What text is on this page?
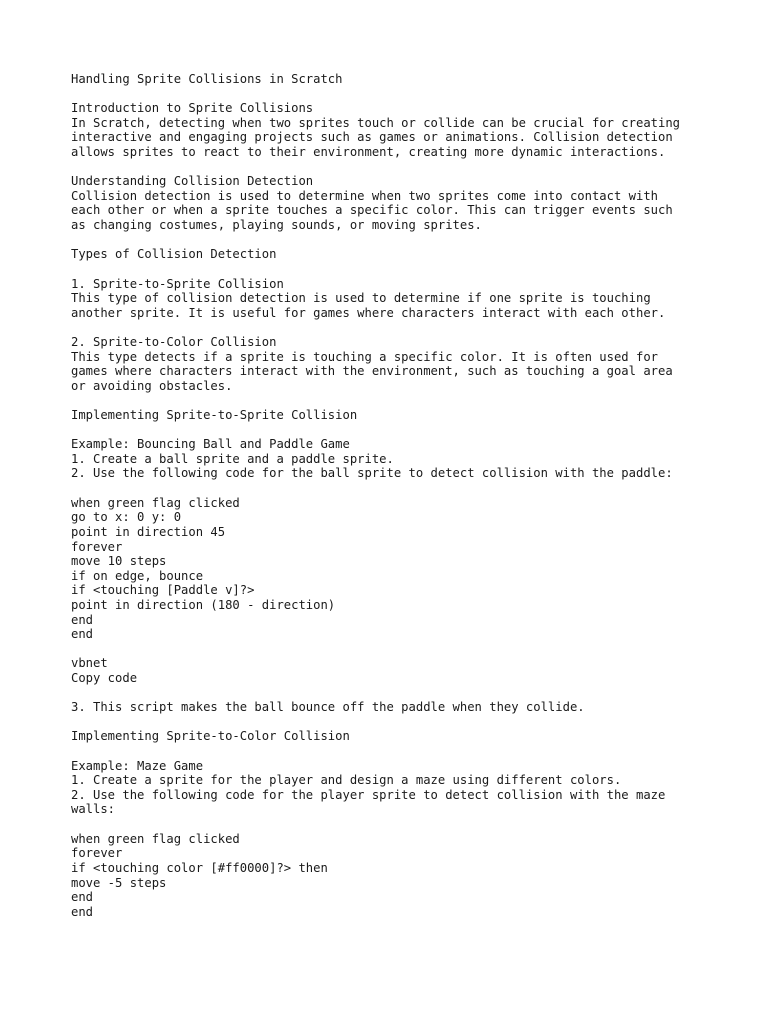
Handling Sprite Collisions in Scratch
Introduction to Sprite Collisions
In Scratch, detecting when two sprites touch or collide can be crucial for creating
interactive and engaging projects such as games or animations. Collision detection
allows sprites to react to their environment, creating more dynamic interactions.
Understanding Collision Detection
Collision detection is used to determine when two sprites come into contact with
each other or when a sprite touches a specific color. This can trigger events such
as changing costumes, playing sounds, or moving sprites.
Types of Collision Detection
1. Sprite-to-Sprite Collision
This type of collision detection is used to determine if one sprite is touching
another sprite. It is useful for games where characters interact with each other.
2. Sprite-to-Color Collision
This type detects if a sprite is touching a specific color. It is often used for
games where characters interact with the environment, such as touching a goal area
or avoiding obstacles.
Implementing Sprite-to-Sprite Collision
Example: Bouncing Ball and Paddle Game
1. Create a ball sprite and a paddle sprite.
2. Use the following code for the ball sprite to detect collision with the paddle:
when green flag clicked
go to x: 0 y: 0
point in direction 45
forever
move 10 steps
if on edge, bounce
if <touching [Paddle v]?>
point in direction (180 - direction)
end
end
vbnet
Copy code
3. This script makes the ball bounce off the paddle when they collide.
Implementing Sprite-to-Color Collision
Example: Maze Game
1. Create a sprite for the player and design a maze using different colors.
2. Use the following code for the player sprite to detect collision with the maze
walls:
when green flag clicked
forever
if <touching color [#ff0000]?> then
move -5 steps
end
end
